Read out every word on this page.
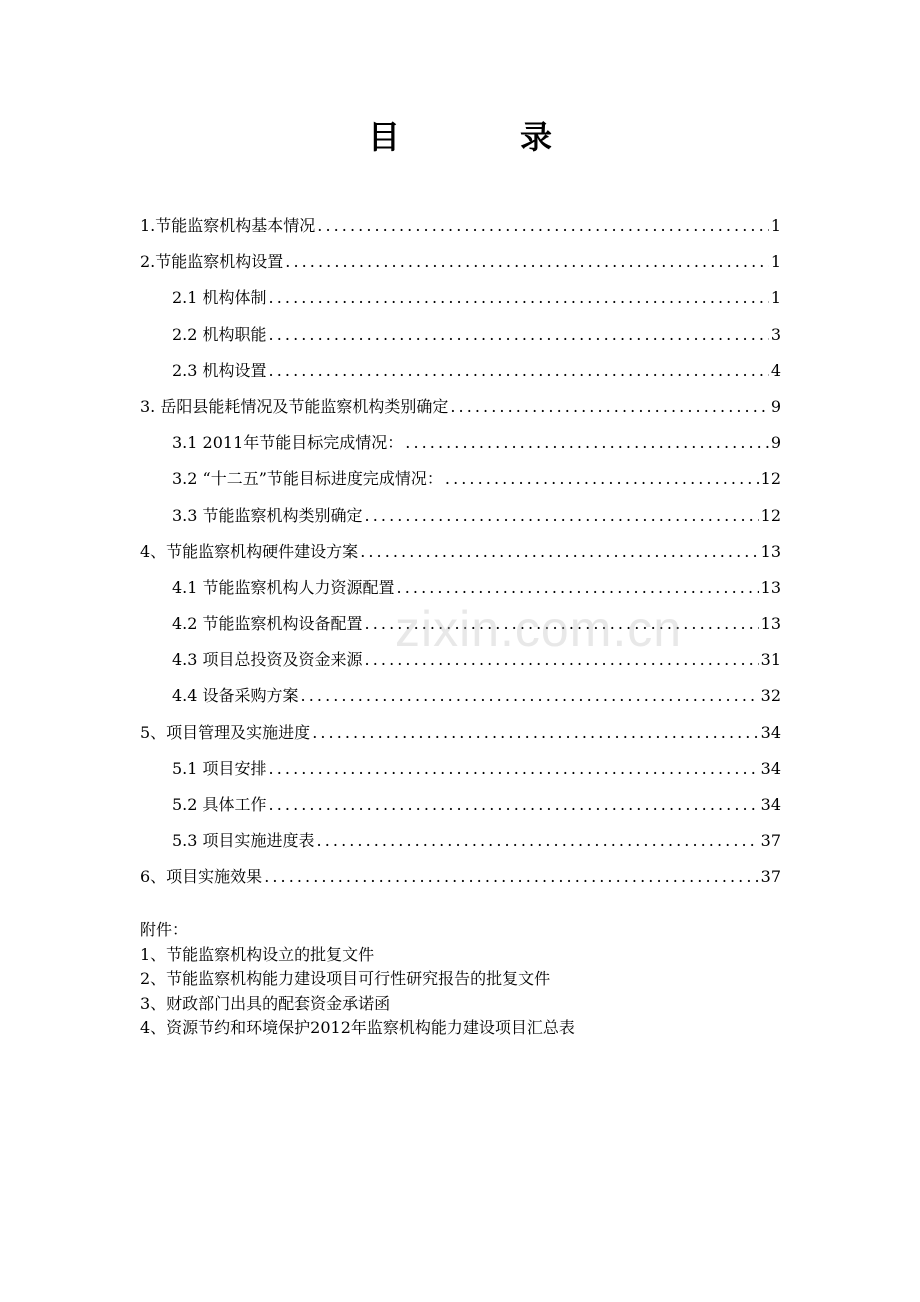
目　录
1.节能监察机构基本情况 . . .	1
2.节能监察机构设置 . . .	1
2.1 机构体制 . . .	1
2.2 机构职能 . . .	3
2.3 机构设置 . . .	4
3. 岳阳县能耗情况及节能监察机构类别确定 . . .	9
3.1 2011年节能目标完成情况： . . .	9
3.2 “十二五”节能目标进度完成情况： . . .	12
3.3 节能监察机构类别确定 . . .	12
4、节能监察机构硬件建设方案 . . .	13
4.1 节能监察机构人力资源配置 . . .	13
4.2 节能监察机构设备配置 . . .	13
4.3 项目总投资及资金来源 . . .	31
4.4 设备采购方案 . . .	32
5、项目管理及实施进度 . . .	34
5.1 项目安排 . . .	34
5.2 具体工作 . . .	34
5.3 项目实施进度表 . . .	37
6、项目实施效果 . . .	37
附件：
1、节能监察机构设立的批复文件
2、节能监察机构能力建设项目可行性研究报告的批复文件
3、财政部门出具的配套资金承诺函
4、资源节约和环境保护2012年监察机构能力建设项目汇总表
zixin.com.cn
